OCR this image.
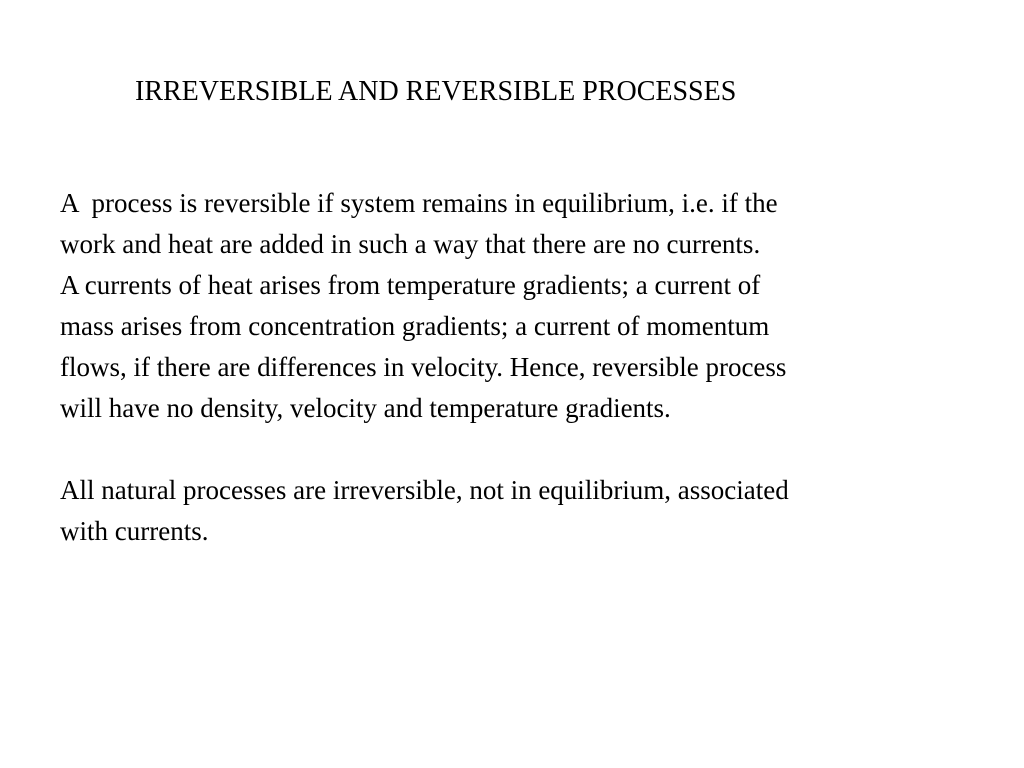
IRREVERSIBLE AND REVERSIBLE PROCESSES
A  process is reversible if system remains in equilibrium, i.e. if the
work and heat are added in such a way that there are no currents.
A currents of heat arises from temperature gradients; a current of
mass arises from concentration gradients; a current of momentum
flows, if there are differences in velocity. Hence, reversible process
will have no density, velocity and temperature gradients.
All natural processes are irreversible, not in equilibrium, associated
with currents.
